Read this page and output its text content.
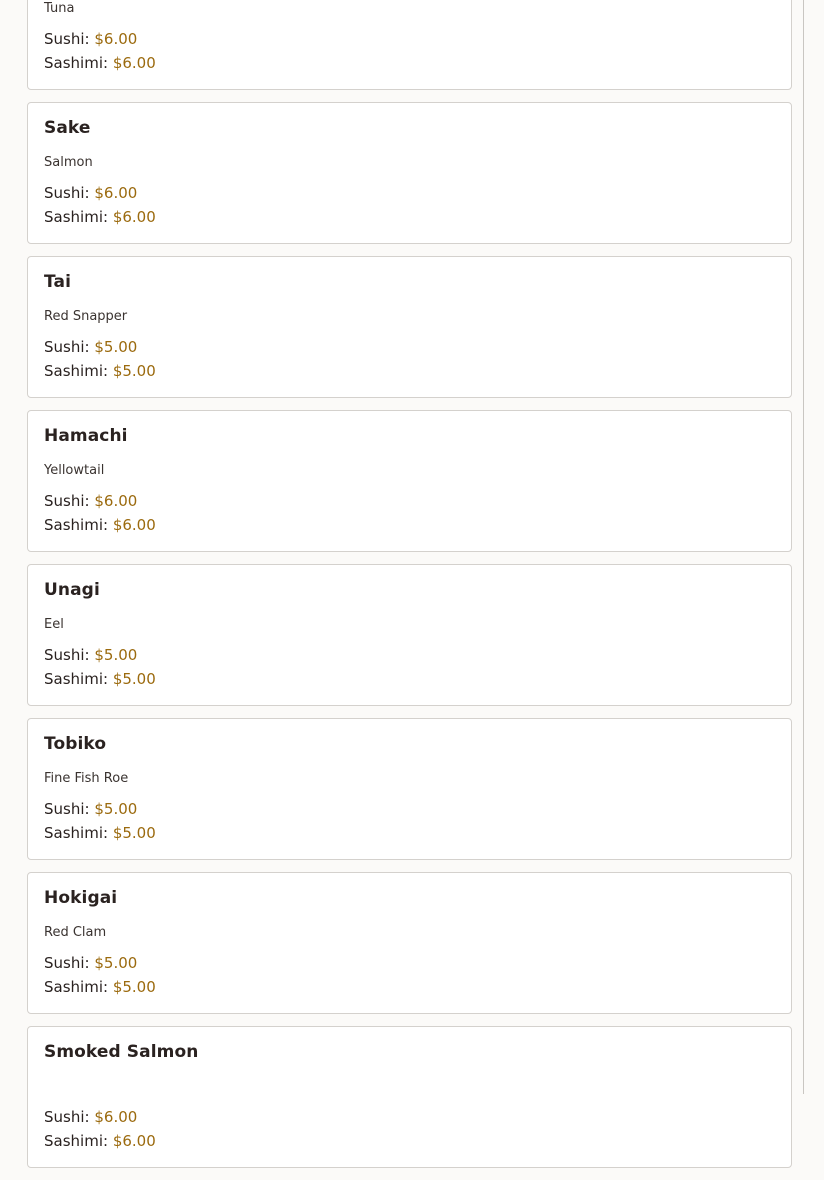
Tuna
Sushi: $6.00
Sashimi: $6.00
Sake
Salmon
Sushi: $6.00
Sashimi: $6.00
Tai
Red Snapper
Sushi: $5.00
Sashimi: $5.00
Hamachi
Yellowtail
Sushi: $6.00
Sashimi: $6.00
Unagi
Eel
Sushi: $5.00
Sashimi: $5.00
Tobiko
Fine Fish Roe
Sushi: $5.00
Sashimi: $5.00
Hokigai
Red Clam
Sushi: $5.00
Sashimi: $5.00
Smoked Salmon
Sushi: $6.00
Sashimi: $6.00
